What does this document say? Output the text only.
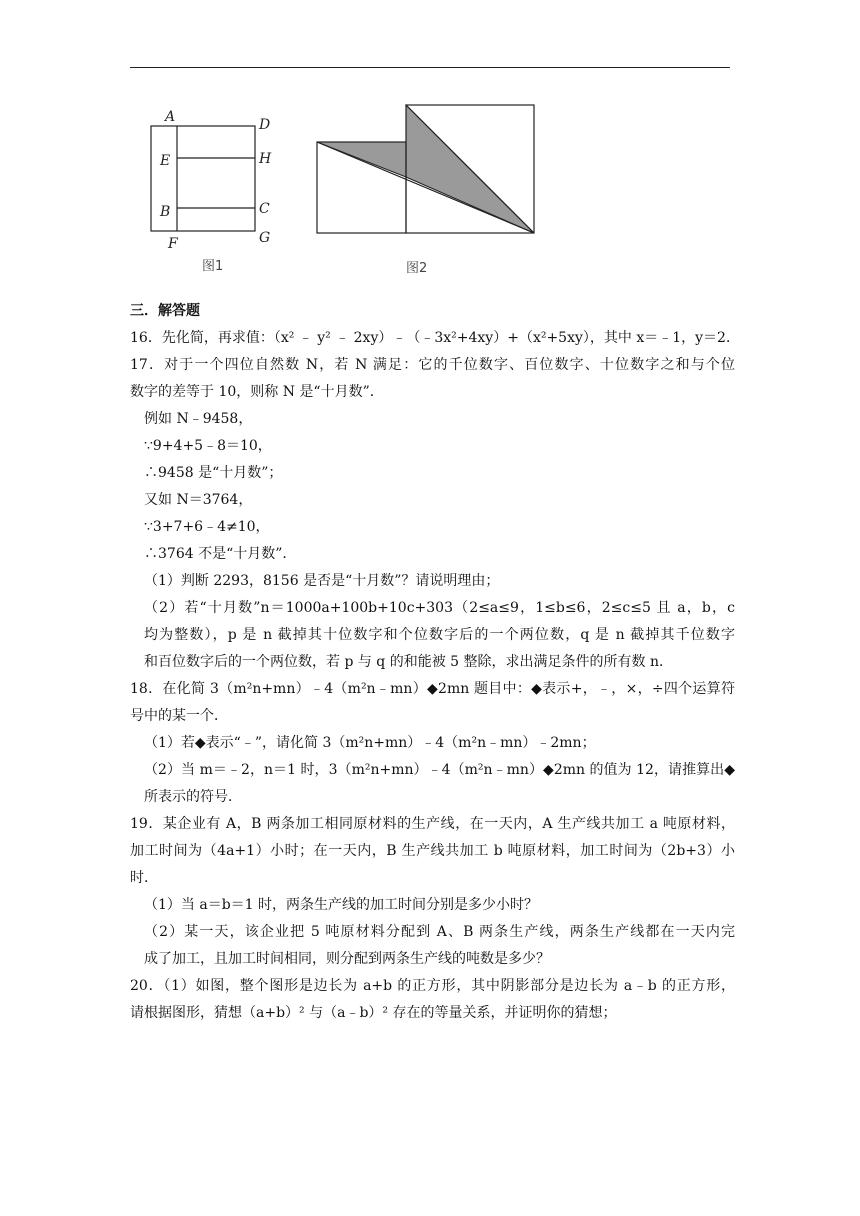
A	D
E	H
B	C
F	G
图1	图2
三．解答题
16．先化简，再求值：（x² ﹣ y² ﹣ 2xy）﹣（﹣3x²+4xy）+（x²+5xy），其中 x＝﹣1，y＝2．
17．对于一个四位自然数 N，若 N 满足：它的千位数字、百位数字、十位数字之和与个位
数字的差等于 10，则称 N 是“十月数”．
例如 N﹣9458，
∵9+4+5﹣8＝10，
∴9458 是“十月数”；
又如 N＝3764，
∵3+7+6﹣4≠10，
∴3764 不是“十月数”．
（1）判断 2293，8156 是否是“十月数”？请说明理由；
（2）若“十月数”n＝1000a+100b+10c+303（2≤a≤9，1≤b≤6，2≤c≤5 且 a，b，c
均为整数），p 是 n 截掉其十位数字和个位数字后的一个两位数，q 是 n 截掉其千位数字
和百位数字后的一个两位数，若 p 与 q 的和能被 5 整除，求出满足条件的所有数 n．
18．在化简 3（m²n+mn）﹣4（m²n﹣mn）◆2mn 题目中：◆表示+，﹣，×，÷四个运算符
号中的某一个．
（1）若◆表示“﹣”，请化简 3（m²n+mn）﹣4（m²n﹣mn）﹣2mn；
（2）当 m＝﹣2，n＝1 时，3（m²n+mn）﹣4（m²n﹣mn）◆2mn 的值为 12，请推算出◆
所表示的符号．
19．某企业有 A，B 两条加工相同原材料的生产线，在一天内，A 生产线共加工 a 吨原材料，
加工时间为（4a+1）小时；在一天内，B 生产线共加工 b 吨原材料，加工时间为（2b+3）小
时．
（1）当 a＝b＝1 时，两条生产线的加工时间分别是多少小时？
（2）某一天，该企业把 5 吨原材料分配到 A、B 两条生产线，两条生产线都在一天内完
成了加工，且加工时间相同，则分配到两条生产线的吨数是多少？
20．（1）如图，整个图形是边长为 a+b 的正方形，其中阴影部分是边长为 a﹣b 的正方形，
请根据图形，猜想（a+b）² 与（a﹣b）² 存在的等量关系，并证明你的猜想；
